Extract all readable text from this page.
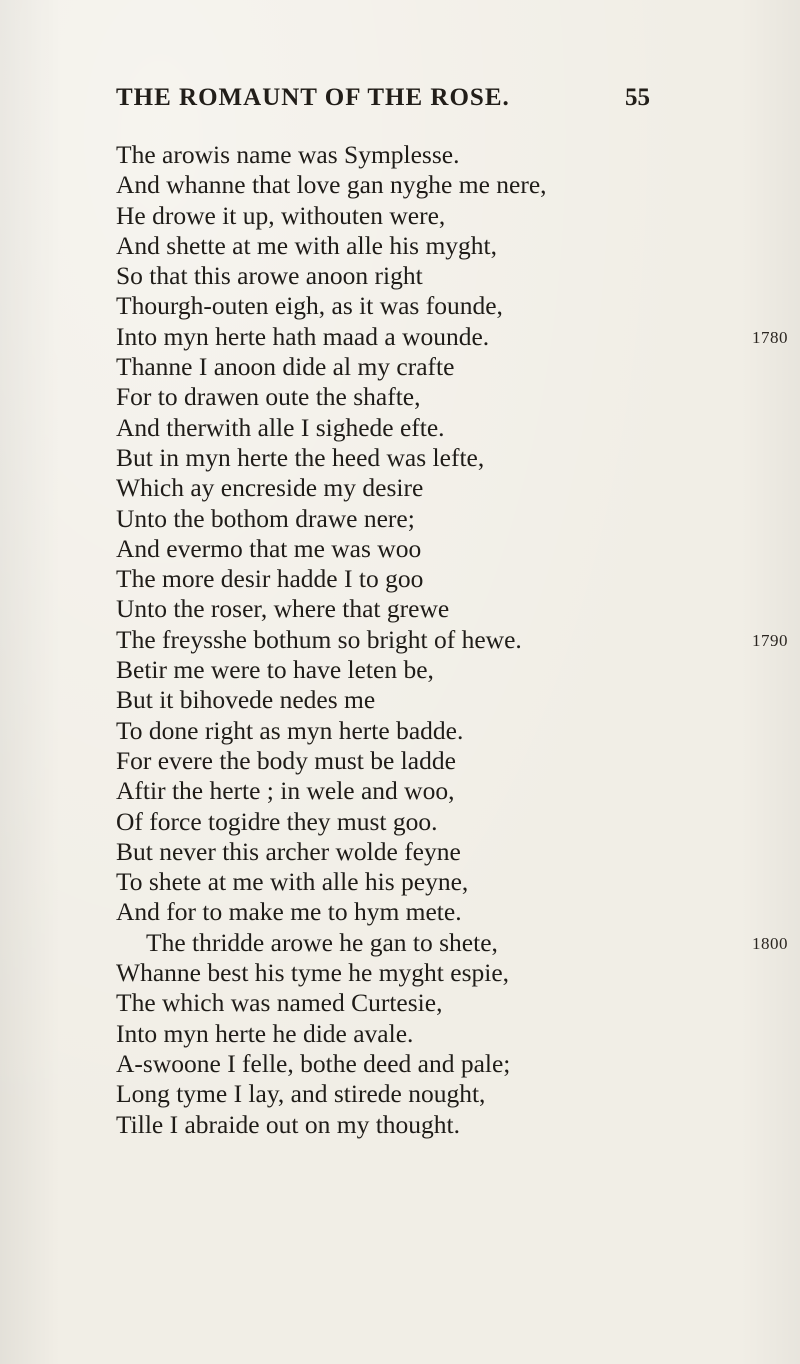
THE ROMAUNT OF THE ROSE.	55
The arowis name was Symplesse.
And whanne that love gan nyghe me nere,
He drowe it up, withouten were,
And shette at me with alle his myght,
So that this arowe anoon right
Thourgh-outen eigh, as it was founde,
Into myn herte hath maad a wounde.	1780
Thanne I anoon dide al my crafte
For to drawen oute the shafte,
And therwith alle I sighede efte.
But in myn herte the heed was lefte,
Which ay encreside my desire
Unto the bothom drawe nere;
And evermo that me was woo
The more desir hadde I to goo
Unto the roser, where that grewe
The freysshe bothum so bright of hewe.	1790
Betir me were to have leten be,
But it bihovede nedes me
To done right as myn herte badde.
For evere the body must be ladde
Aftir the herte ; in wele and woo,
Of force togidre they must goo.
But never this archer wolde feyne
To shete at me with alle his peyne,
And for to make me to hym mete.
The thridde arowe he gan to shete,	1800
Whanne best his tyme he myght espie,
The which was named Curtesie,
Into myn herte he dide avale.
A-swoone I felle, bothe deed and pale;
Long tyme I lay, and stirede nought,
Tille I abraide out on my thought.
